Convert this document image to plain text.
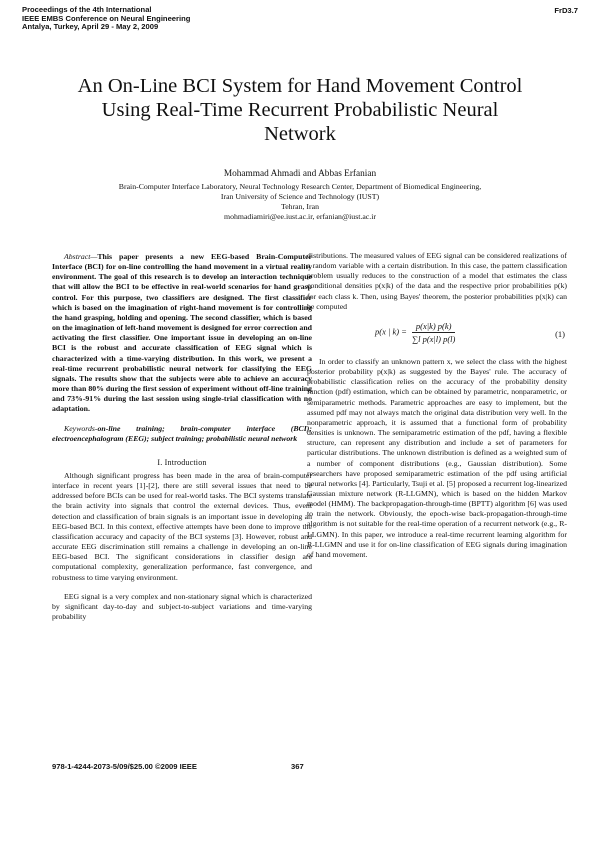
Proceedings of the 4th International
IEEE EMBS Conference on Neural Engineering
Antalya, Turkey, April 29 - May 2, 2009
FrD3.7
An On-Line BCI System for Hand Movement Control
Using Real-Time Recurrent Probabilistic Neural
Network
Mohammad Ahmadi and Abbas Erfanian
Brain-Computer Interface Laboratory, Neural Technology Research Center, Department of Biomedical Engineering,
Iran University of Science and Technology (IUST)
Tehran, Iran
mohmadiamiri@ee.iust.ac.ir, erfanian@iust.ac.ir

Abstract—This paper presents a new EEG-based Brain-Computer Interface (BCI) for on-line controlling the hand movement in a virtual reality environment. The goal of this research is to develop an interaction technique that will allow the BCI to be effective in real-world scenarios for hand grasp control. For this purpose, two classifiers are designed. The first classifier which is based on the imagination of right-hand movement is for controlling the hand grasping, holding and opening. The second classifier, which is based on the imagination of left-hand movement is designed for error correction and activating the first classifier. One important issue in developing an on-line BCI is the robust and accurate classification of EEG signal which is characterized with a time-varying distribution. In this work, we present a real-time recurrent probabilistic neural network for classifying the EEG signals. The results show that the subjects were able to achieve an accuracy more than 80% during the first session of experiment without off-line training and 73%-91% during the last session using single-trial classification with no adaptation.

Keywords-on-line training; brain-computer interface (BCI); electroencephalogram (EEG); subject training; probabilistic neural network

I. Introduction

Although significant progress has been made in the area of brain-computer interface in recent years [1]-[2], there are still several issues that need to be addressed before BCIs can be used for real-world tasks. The BCI systems translate the brain activity into signals that control the external devices. Thus, event detection and classification of brain signals is an important issue in developing an EEG-based BCI. In this context, effective attempts have been done to improve the classification accuracy and capacity of the BCI systems [3]. However, robust and accurate EEG discrimination still remains a challenge in developing an on-line EEG-based BCI. The significant considerations in classifier design are computational complexity, generalization performance, fast convergence, and robustness to time varying environment.

EEG signal is a very complex and non-stationary signal which is characterized by significant day-to-day and subject-to-subject variations and time-varying probability

distributions. The measured values of EEG signal can be considered realizations of a random variable with a certain distribution. In this case, the pattern classification problem usually reduces to the construction of a model that estimates the class conditional densities p(x|k) of the data and the respective prior probabilities p(k) for each class k. Then, using Bayes' theorem, the posterior probabilities p(x|k) can be computed

p(x | $k) = \frac{p(x|k) p(k)}{\text{∑l p(x|l) p(l)}}$	(1)

In order to classify an unknown pattern x, we select the class with the highest posterior probability p(x|k) as suggested by the Bayes' rule. The accuracy of probabilistic classification relies on the accuracy of the probability density function (pdf) estimation, which can be obtained by parametric, nonparametric, or semiparametric methods. Parametric approaches are easy to implement, but the assumed pdf may not always match the original data distribution very well. In the nonparametric approach, it is assumed that a functional form of probability densities is unknown. The semiparametric estimation of the pdf, having a flexible structure, can represent any distribution and include a set of parameters for particular distributions. The unknown distribution is defined as a weighted sum of a number of component distributions (e.g., Gaussian distribution). Some researchers have proposed semiparametric estimation of the pdf using artificial neural networks [4]. Particularly, Tsuji et al. [5] proposed a recurrent log-linearized Gaussian mixture network (R-LLGMN), which is based on the hidden Markov model (HMM). The backpropagation-through-time (BPTT) algorithm [6] was used to train the network. Obviously, the epoch-wise back-propagation-through-time algorithm is not suitable for the real-time operation of a recurrent network (e.g., R-LLGMN). In this paper, we introduce a real-time recurrent learning algorithm for R-LLGMN and use it for on-line classification of EEG signals during imagination of hand movement.

978-1-4244-2073-5/09/$25.00 ©2009 IEEE	367
